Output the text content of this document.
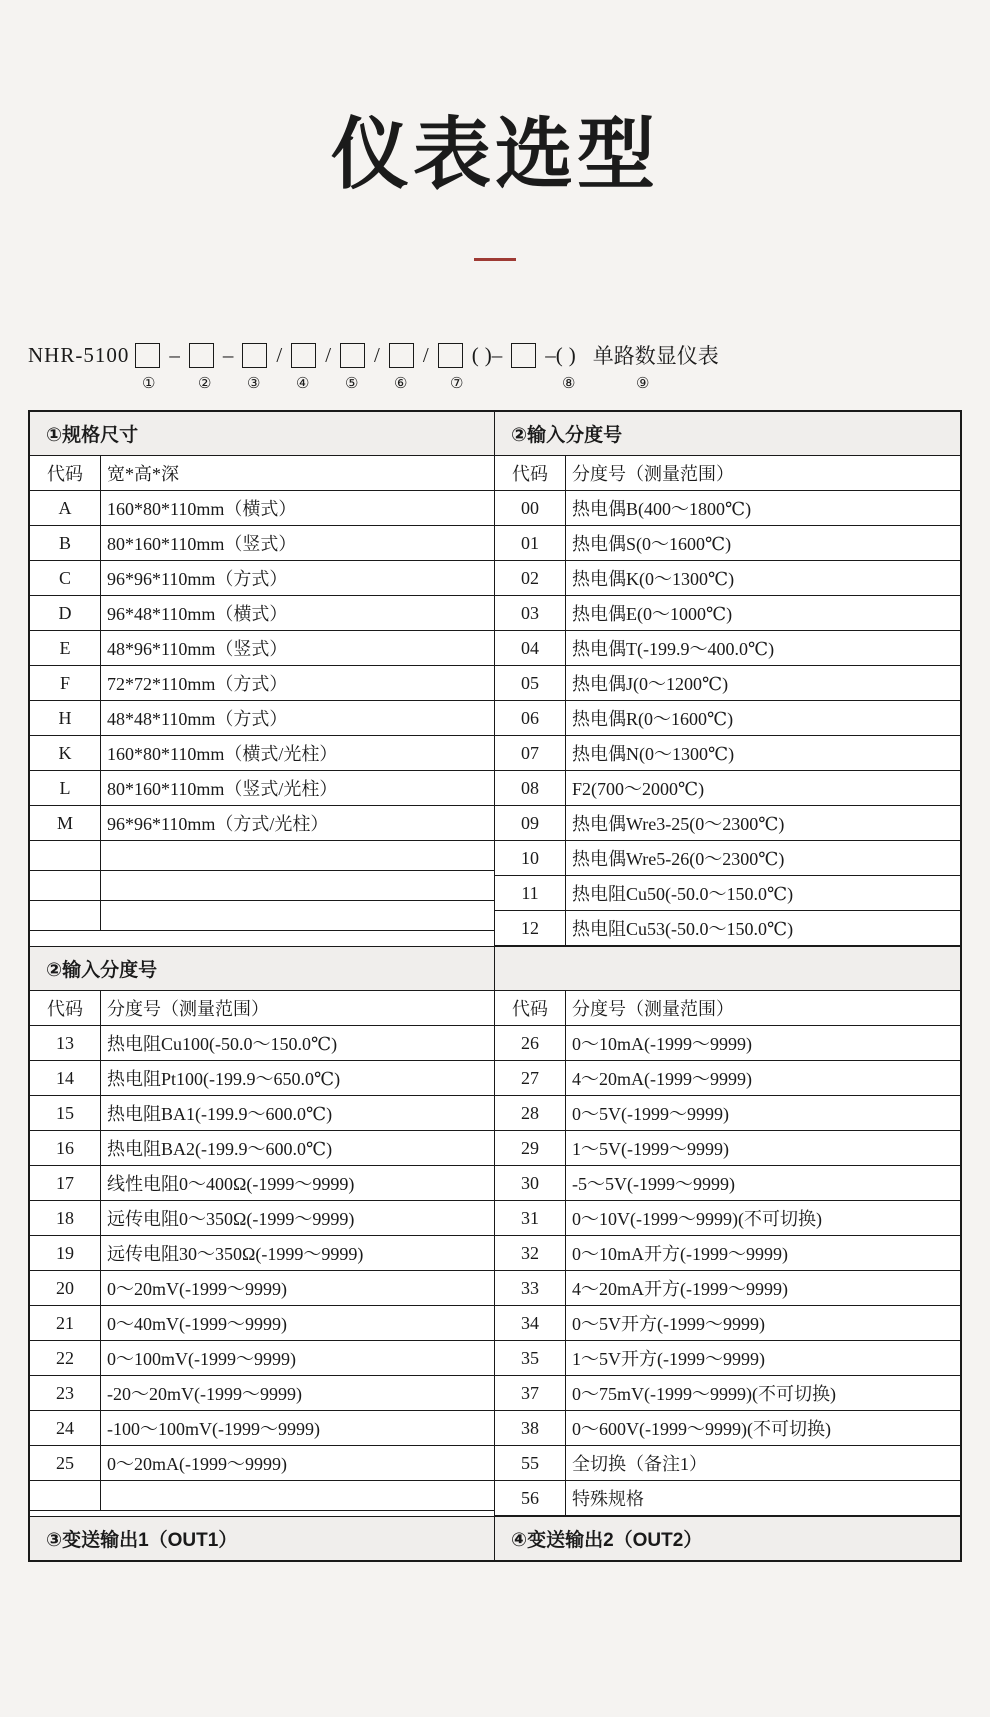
仪表选型
NHR-5100 – – / / / / ( )– –( ) 单路数显仪表
①	② ③ ④ ⑤ ⑥	⑦	⑧	⑨
①规格尺寸	②输入分度号
代码	宽*高*深
A	160*80*110mm（横式）
B	80*160*110mm（竖式）
C	96*96*110mm（方式）
D	96*48*110mm（横式）
E	48*96*110mm（竖式）
F	72*72*110mm（方式）
H	48*48*110mm（方式）
K	160*80*110mm（横式/光柱）
L	80*160*110mm（竖式/光柱）
M	96*96*110mm（方式/光柱）

代码	分度号（测量范围）
00	热电偶B(400～1800℃)
01	热电偶S(0～1600℃)
02	热电偶K(0～1300℃)
03	热电偶E(0～1000℃)
04	热电偶T(-199.9～400.0℃)
05	热电偶J(0～1200℃)
06	热电偶R(0～1600℃)
07	热电偶N(0～1300℃)
08	F2(700～2000℃)
09	热电偶Wre3-25(0～2300℃)
10	热电偶Wre5-26(0～2300℃)
11	热电阻Cu50(-50.0～150.0℃)
12	热电阻Cu53(-50.0～150.0℃)
②输入分度号

代码	分度号（测量范围）
13	热电阻Cu100(-50.0～150.0℃)
14	热电阻Pt100(-199.9～650.0℃)
15	热电阻BA1(-199.9～600.0℃)
16	热电阻BA2(-199.9～600.0℃)
17	线性电阻0～400Ω(-1999～9999)
18	远传电阻0～350Ω(-1999～9999)
19	远传电阻30～350Ω(-1999～9999)
20	0～20mV(-1999～9999)
21	0～40mV(-1999～9999)
22	0～100mV(-1999～9999)
23	-20～20mV(-1999～9999)
24	-100～100mV(-1999～9999)
25	0～20mA(-1999～9999)

代码	分度号（测量范围）
26	0～10mA(-1999～9999)
27	4～20mA(-1999～9999)
28	0～5V(-1999～9999)
29	1～5V(-1999～9999)
30	-5～5V(-1999～9999)
31	0～10V(-1999～9999)(不可切换)
32	0～10mA开方(-1999～9999)
33	4～20mA开方(-1999～9999)
34	0～5V开方(-1999～9999)
35	1～5V开方(-1999～9999)
37	0～75mV(-1999～9999)(不可切换)
38	0～600V(-1999～9999)(不可切换)
55	全切换（备注1）
56	特殊规格
③变送输出1（OUT1）	④变送输出2（OUT2）
